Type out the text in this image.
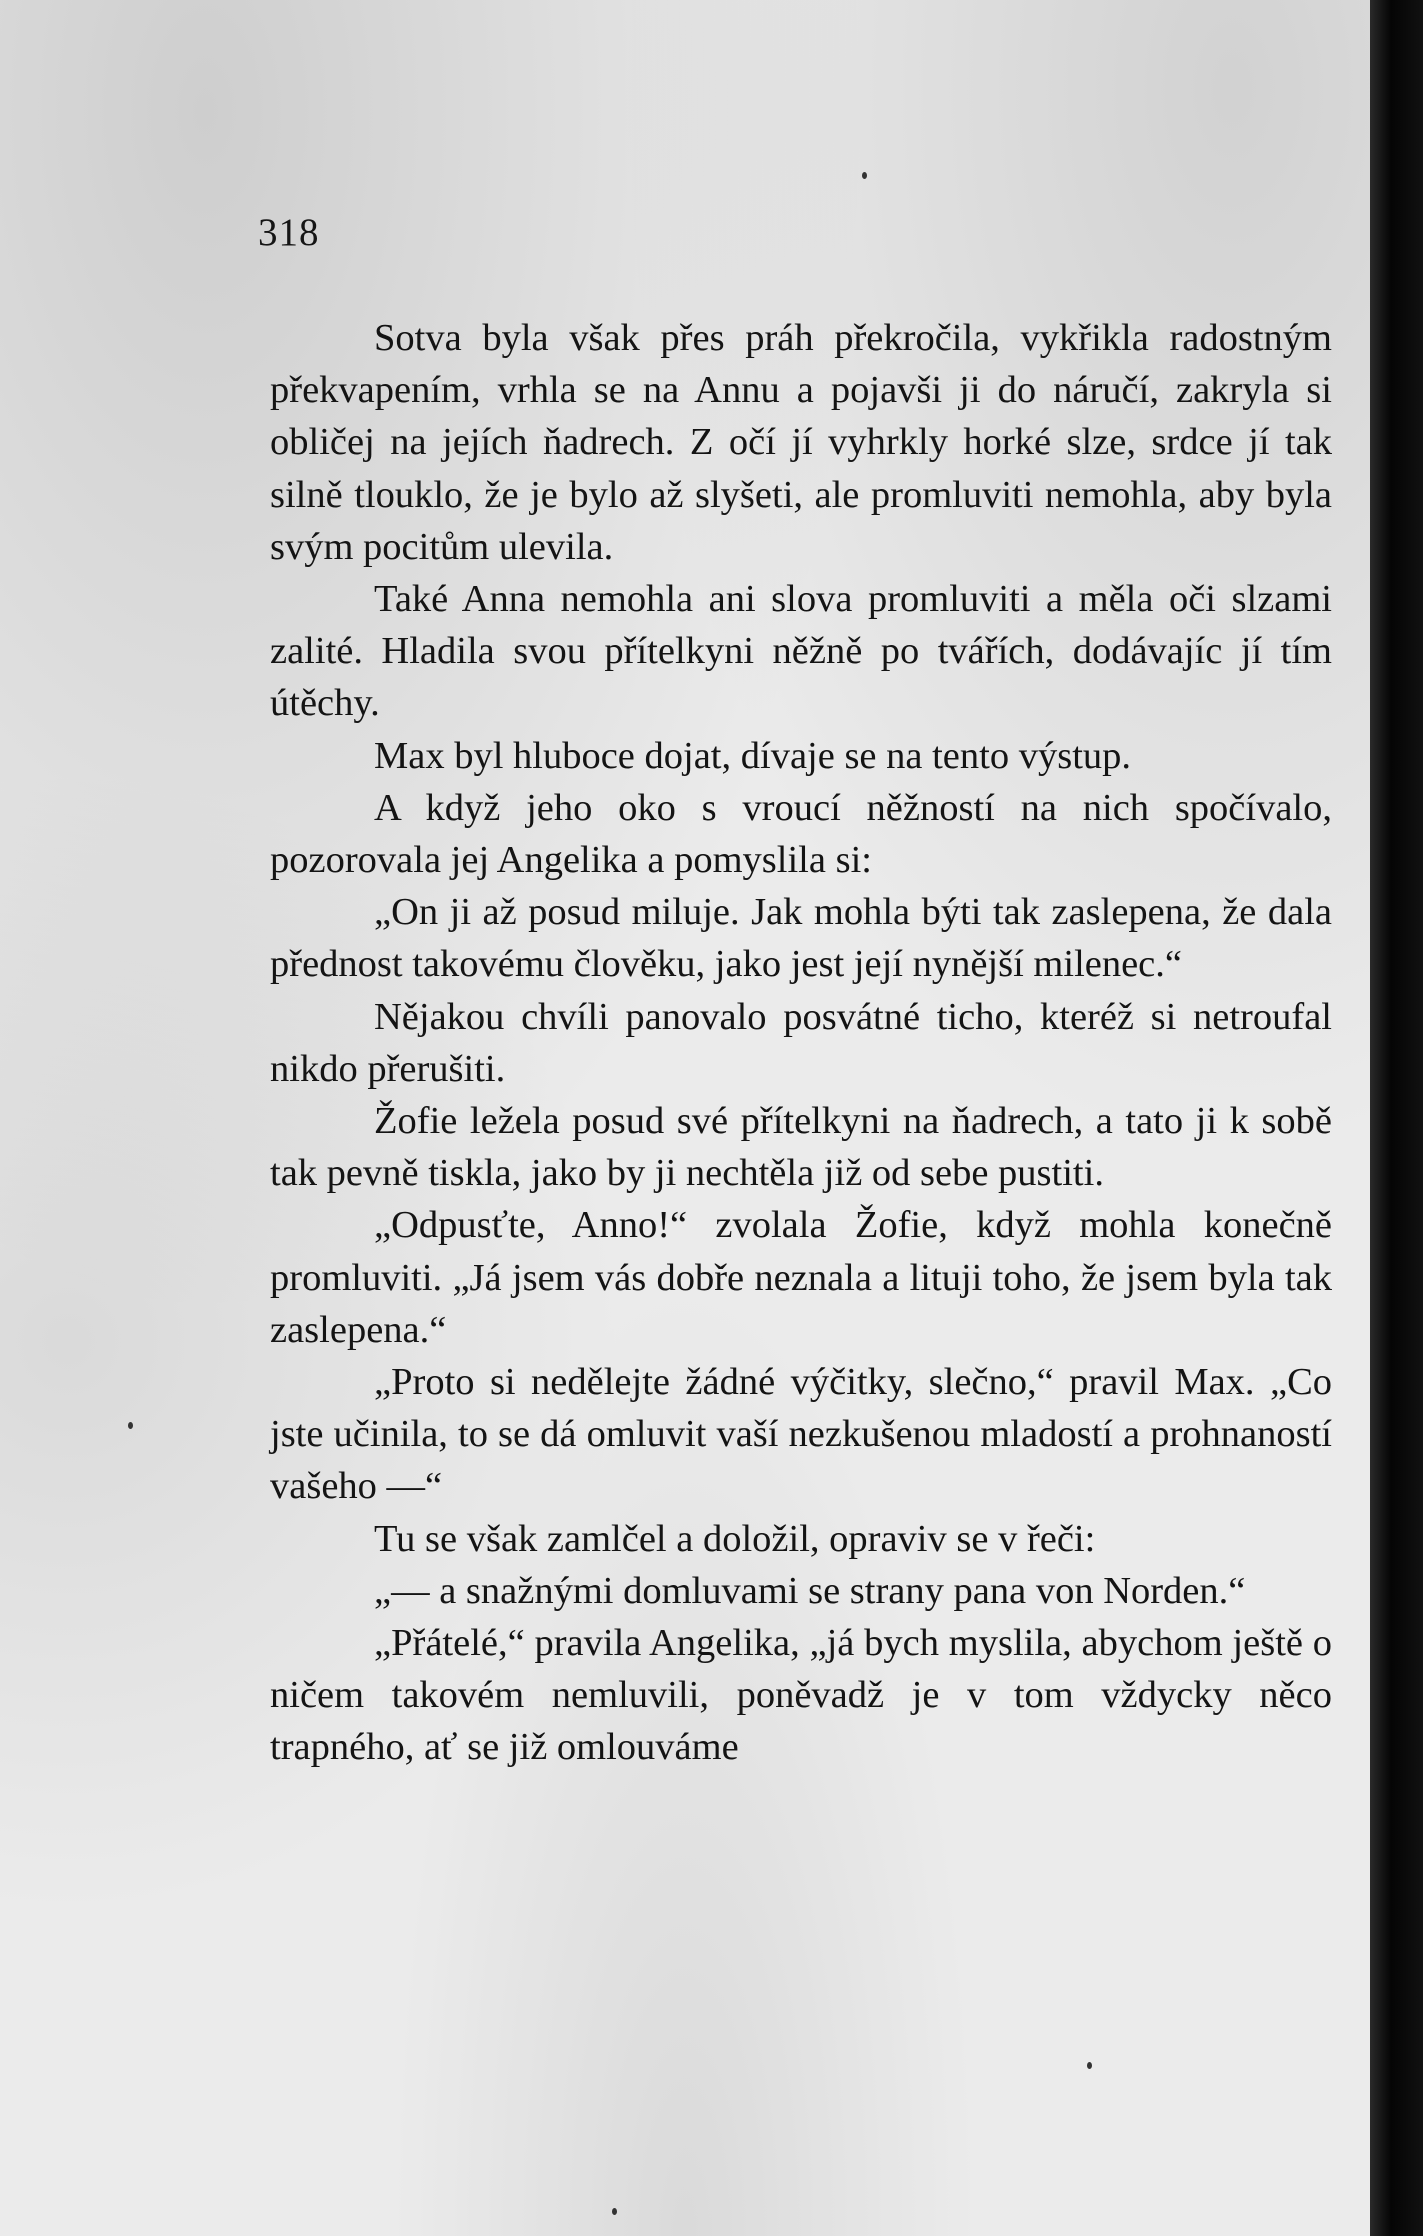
318

Sotva byla však přes práh překročila, vykřikla radostným překvapením, vrhla se na Annu a pojavši ji do náručí, zakryla si obličej na jejích ňadrech. Z očí jí vyhrkly horké slze, srdce jí tak silně tlouklo, že je bylo až slyšeti, ale promluviti nemohla, aby byla svým pocitům ulevila.

Také Anna nemohla ani slova promluviti a měla oči slzami zalité. Hladila svou přítelkyni něžně po tvářích, dodávajíc jí tím útěchy.

Max byl hluboce dojat, dívaje se na tento výstup.

A když jeho oko s vroucí něžností na nich spočívalo, pozorovala jej Angelika a pomyslila si:

„On ji až posud miluje. Jak mohla býti tak zaslepena, že dala přednost takovému člověku, jako jest její nynější milenec.“

Nějakou chvíli panovalo posvátné ticho, kteréž si netroufal nikdo přerušiti.

Žofie ležela posud své přítelkyni na ňadrech, a tato ji k sobě tak pevně tiskla, jako by ji nechtěla již od sebe pustiti.

„Odpusťte, Anno!“ zvolala Žofie, když mohla konečně promluviti. „Já jsem vás dobře neznala a lituji toho, že jsem byla tak zaslepena.“

„Proto si nedělejte žádné výčitky, slečno,“ pravil Max. „Co jste učinila, to se dá omluvit vaší nezkušenou mladostí a prohnaností vašeho —“

Tu se však zamlčel a doložil, opraviv se v řeči:

„— a snažnými domluvami se strany pana von Norden.“

„Přátelé,“ pravila Angelika, „já bych myslila, abychom ještě o ničem takovém nemluvili, poněvadž je v tom vždycky něco trapného, ať se již omlouváme
